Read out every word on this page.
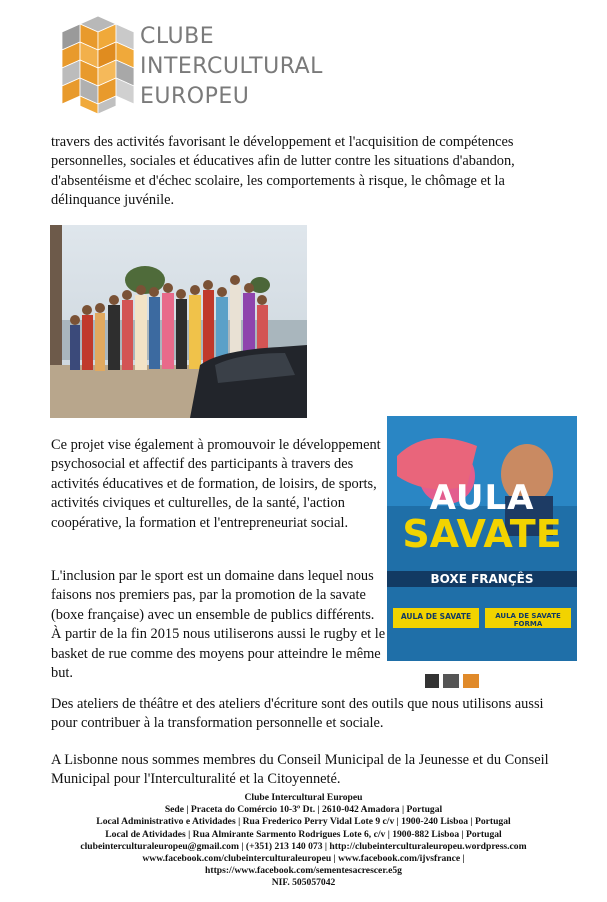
CLUBE
INTERCULTURAL
EUROPEU

travers des activités favorisant le développement et l'acquisition de compétences personnelles, sociales et éducatives afin de lutter contre les situations d'abandon, d'absentéisme et d'échec scolaire, les comportements à risque, le chômage et la délinquance juvénile.

Ce projet vise également à promouvoir le développement psychosocial et affectif des participants à travers des activités éducatives et de formation, de loisirs, de sports, activités civiques et culturelles, de la santé, l'action coopérative, la formation et l'entrepreneuriat social.

AULA
SAVATE
BOXE FRANÇÊS
AULA DE SAVATE	AULA DE SAVATE FORMA

L'inclusion par le sport est un domaine dans lequel nous faisons nos premiers pas, par la promotion de la savate (boxe française) avec un ensemble de publics différents. À partir de la fin 2015 nous utiliserons aussi le rugby et le basket de rue comme des moyens pour atteindre le même but.

Des ateliers de théâtre et des ateliers d'écriture sont des outils que nous utilisons aussi pour contribuer à la transformation personnelle et sociale.

A Lisbonne nous sommes membres du Conseil Municipal de la Jeunesse et du Conseil Municipal pour l'Interculturalité et la Citoyenneté.

Clube Intercultural Europeu
Sede | Praceta do Comércio 10-3º Dt. | 2610-042 Amadora | Portugal
Local Administrativo e Atividades | Rua Frederico Perry Vidal Lote 9 c/v | 1900-240 Lisboa | Portugal
Local de Atividades | Rua Almirante Sarmento Rodrigues Lote 6, c/v | 1900-882 Lisboa | Portugal
clubeinterculturaleuropeu@gmail.com | (+351) 213 140 073 | http://clubeinterculturaleuropeu.wordpress.com
www.facebook.com/clubeinterculturaleuropeu | www.facebook.com/ijvsfrance |
https://www.facebook.com/sementesacrescer.e5g
NIF. 505057042
